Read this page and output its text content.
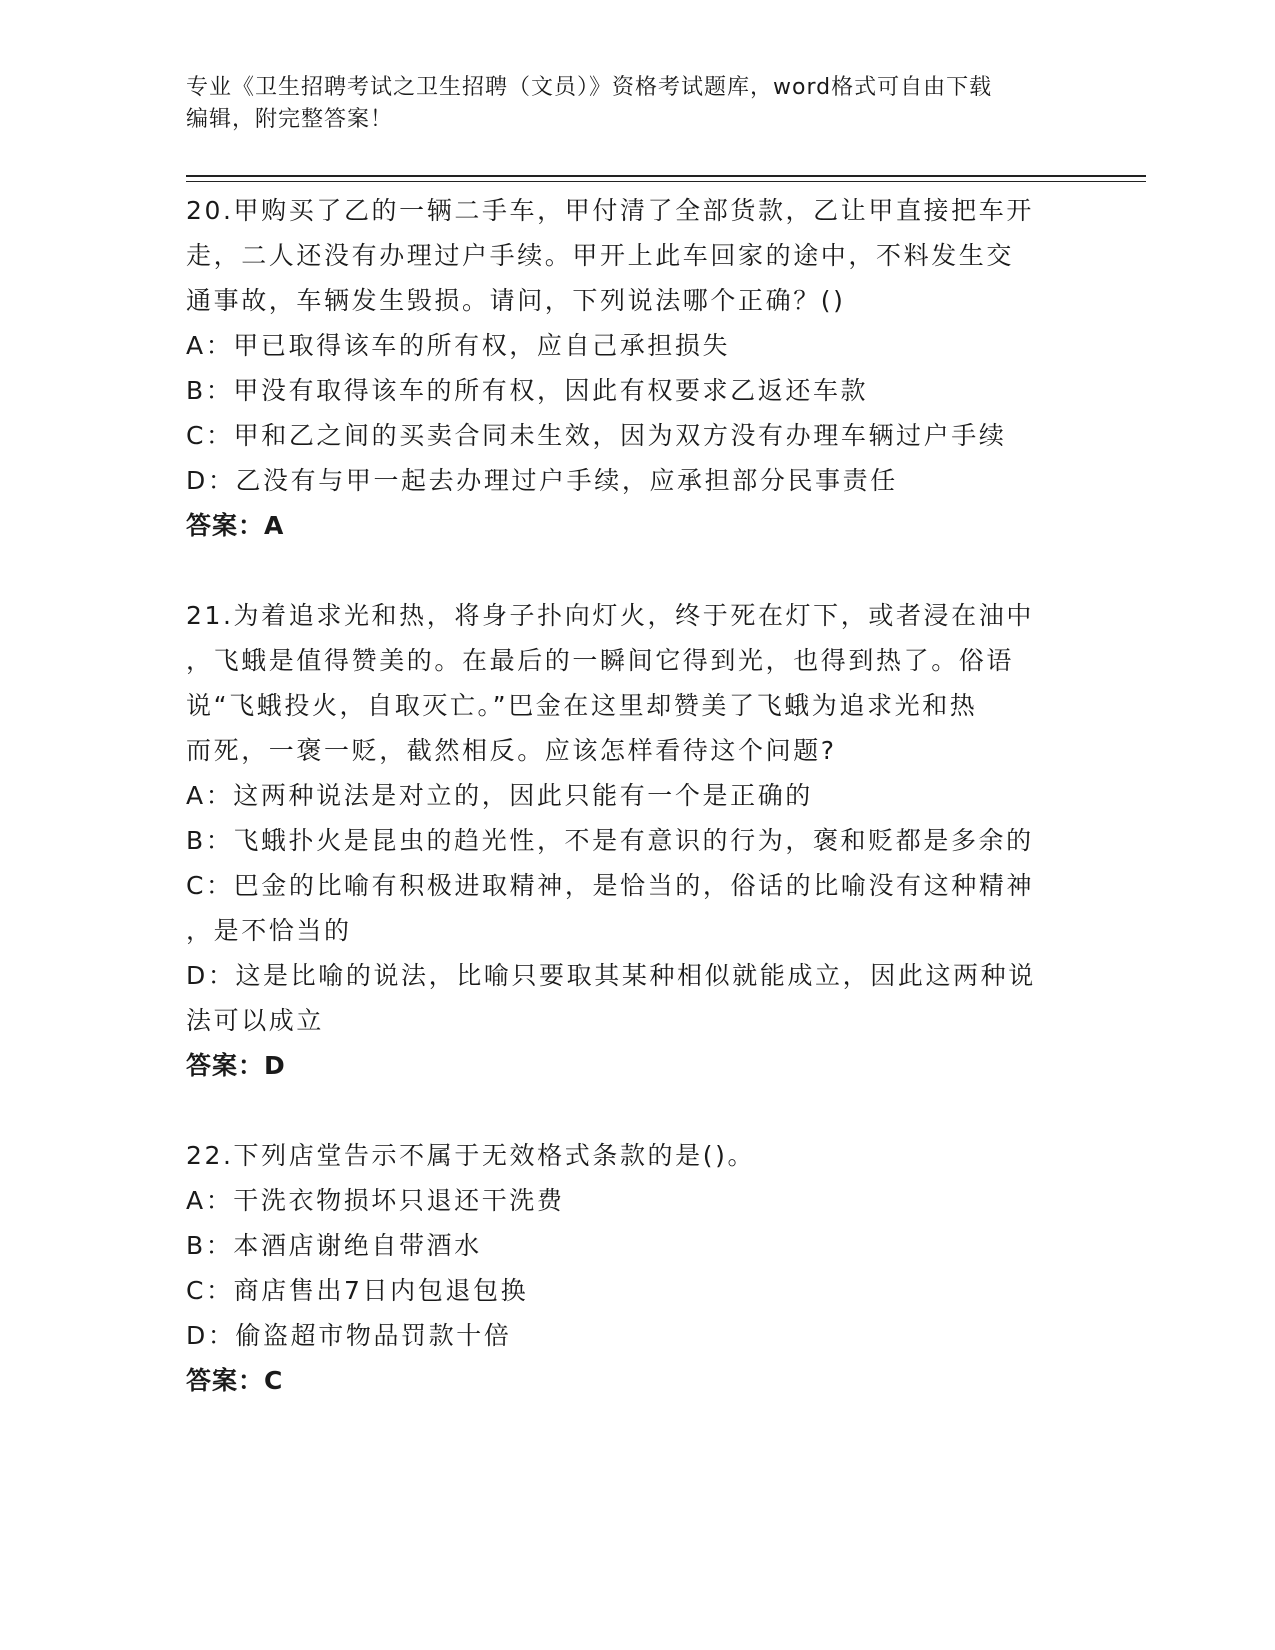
专业《卫生招聘考试之卫生招聘（文员）》资格考试题库，word格式可自由下载
编辑，附完整答案！

20.甲购买了乙的一辆二手车，甲付清了全部货款，乙让甲直接把车开

走，二人还没有办理过户手续。甲开上此车回家的途中，不料发生交

通事故，车辆发生毁损。请问，下列说法哪个正确？()

A：甲已取得该车的所有权，应自己承担损失

B：甲没有取得该车的所有权，因此有权要求乙返还车款

C：甲和乙之间的买卖合同未生效，因为双方没有办理车辆过户手续

D：乙没有与甲一起去办理过户手续，应承担部分民事责任

答案：A

21.为着追求光和热，将身子扑向灯火，终于死在灯下，或者浸在油中

，飞蛾是值得赞美的。在最后的一瞬间它得到光，也得到热了。俗语

说“飞蛾投火，自取灭亡。”巴金在这里却赞美了飞蛾为追求光和热

而死，一褒一贬，截然相反。应该怎样看待这个问题?

A：这两种说法是对立的，因此只能有一个是正确的

B：飞蛾扑火是昆虫的趋光性，不是有意识的行为，褒和贬都是多余的

C：巴金的比喻有积极进取精神，是恰当的，俗话的比喻没有这种精神

，是不恰当的

D：这是比喻的说法，比喻只要取其某种相似就能成立，因此这两种说

法可以成立

答案：D

22.下列店堂告示不属于无效格式条款的是()。

A：干洗衣物损坏只退还干洗费

B：本酒店谢绝自带酒水

C：商店售出7日内包退包换

D：偷盗超市物品罚款十倍

答案：C
